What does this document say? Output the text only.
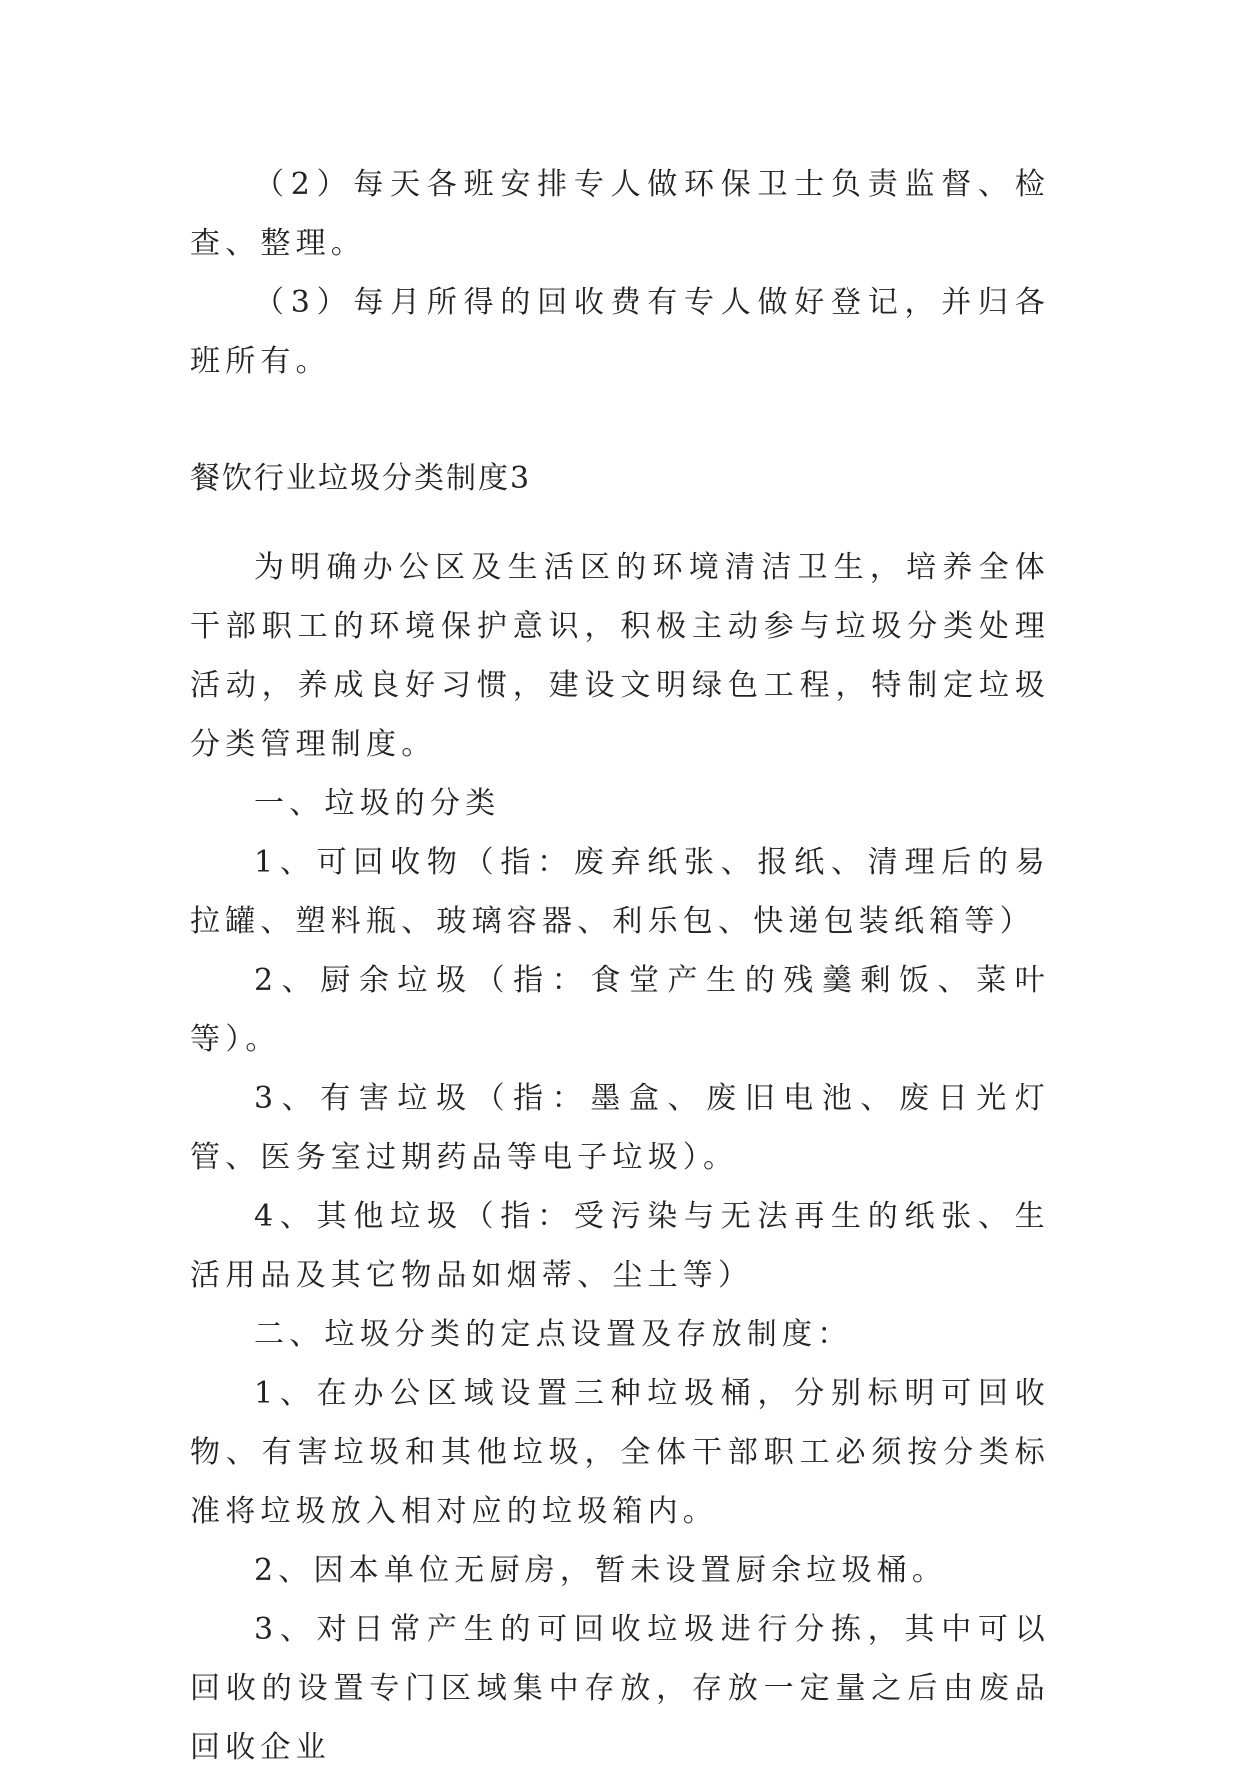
（2）每天各班安排专人做环保卫士负责监督、检查、整理。

（3）每月所得的回收费有专人做好登记，并归各班所有。

餐饮行业垃圾分类制度3

为明确办公区及生活区的环境清洁卫生，培养全体干部职工的环境保护意识，积极主动参与垃圾分类处理活动，养成良好习惯，建设文明绿色工程，特制定垃圾分类管理制度。

一、垃圾的分类

1、可回收物（指：废弃纸张、报纸、清理后的易拉罐、塑料瓶、玻璃容器、利乐包、快递包装纸箱等）

2、厨余垃圾（指：食堂产生的残羹剩饭、菜叶等）。

3、有害垃圾（指：墨盒、废旧电池、废日光灯管、医务室过期药品等电子垃圾）。

4、其他垃圾（指：受污染与无法再生的纸张、生活用品及其它物品如烟蒂、尘土等）

二、垃圾分类的定点设置及存放制度：

1、在办公区域设置三种垃圾桶，分别标明可回收物、有害垃圾和其他垃圾，全体干部职工必须按分类标准将垃圾放入相对应的垃圾箱内。

2、因本单位无厨房，暂未设置厨余垃圾桶。

3、对日常产生的可回收垃圾进行分拣，其中可以回收的设置专门区域集中存放，存放一定量之后由废品回收企业
